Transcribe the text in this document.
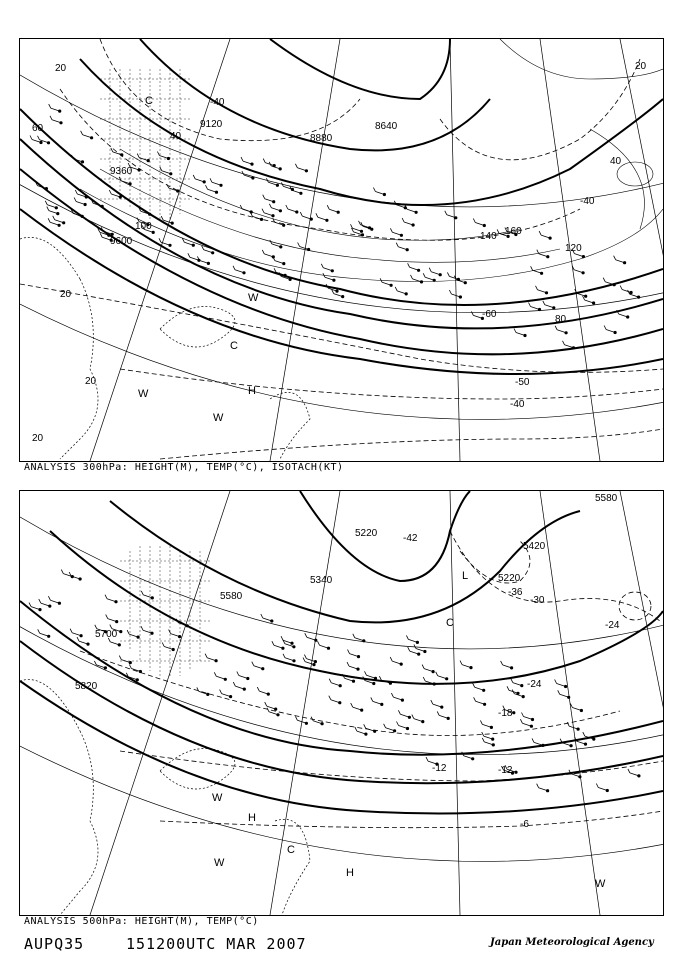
9120
8880
8640
9360
9600
-60
-50
-40
-40
-40
20
40
60
80
100
120
140 160
40
20
20
20
20
C
C
W
W
W
H
ANALYSIS 300hPa: HEIGHT(M), TEMP(°C), ISOTACH(KT)
5580
5420
5220
5340	5220
5580
5700
5820
-42
-36
-30
-24
-24
-18
-12	-12
-6
L
C
C
H
H
W
W
W
ANALYSIS 500hPa: HEIGHT(M), TEMP(°C)
AUPQ35	151200UTC MAR 2007	Japan Meteorological Agency
